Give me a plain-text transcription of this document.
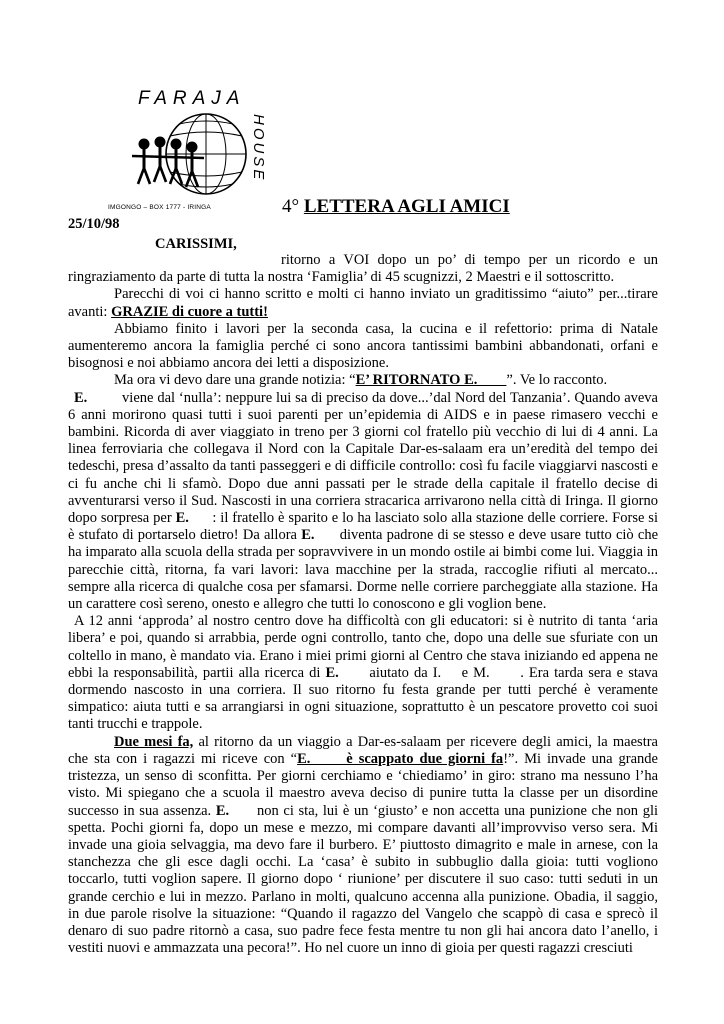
FARAJA
HOUSE
IMGONGO – BOX 1777 - IRINGA	4° LETTERA AGLI AMICI
25/10/98
CARISSIMI,

ritorno a VOI dopo un po’ di tempo per un ricordo e un ringraziamento da parte di tutta la nostra ‘Famiglia’ di 45 scugnizzi, 2 Maestri e il sottoscritto.

Parecchi di voi ci hanno scritto e molti ci hanno inviato un graditissimo “aiuto” per...tirare avanti: GRAZIE di cuore a tutti!

Abbiamo finito i lavori per la seconda casa, la cucina e il refettorio: prima di Natale aumenteremo ancora la famiglia perché ci sono ancora tantissimi bambini abbandonati, orfani e bisognosi e noi abbiamo ancora dei letti a disposizione.

Ma ora vi devo dare una grande notizia: “E’ RITORNATO E.        ”. Ve lo racconto.

E.         viene dal ‘nulla’: neppure lui sa di preciso da dove...’dal Nord del Tanzania’. Quando aveva 6 anni morirono quasi tutti i suoi parenti per un’epidemia di AIDS e in paese rimasero vecchi e bambini. Ricorda di aver viaggiato in treno per 3 giorni col fratello più vecchio di lui di 4 anni. La linea ferroviaria che collegava il Nord con la Capitale Dar-es-salaam era un’eredità del tempo dei tedeschi, presa d’assalto da tanti passeggeri e di difficile controllo: così fu facile viaggiarvi nascosti e ci fu anche chi li sfamò. Dopo due anni passati per le strade della capitale il fratello decise di avventurarsi verso il Sud. Nascosti in una corriera stracarica arrivarono nella città di Iringa. Il giorno dopo sorpresa per E.      : il fratello è sparito e lo ha lasciato solo alla stazione delle corriere. Forse si è stufato di portarselo dietro! Da allora E.      diventa padrone di se stesso e deve usare tutto ciò che ha imparato alla scuola della strada per sopravvivere in un mondo ostile ai bimbi come lui. Viaggia in parecchie città, ritorna, fa vari lavori: lava macchine per la strada, raccoglie rifiuti al mercato... sempre alla ricerca di qualche cosa per sfamarsi. Dorme nelle corriere parcheggiate alla stazione. Ha un carattere così sereno, onesto e allegro che tutti lo conoscono e gli voglion bene.

A 12 anni ‘approda’ al nostro centro dove ha difficoltà con gli educatori: si è nutrito di tanta ‘aria libera’ e poi, quando si arrabbia, perde ogni controllo, tanto che, dopo una delle sue sfuriate con un coltello in mano, è mandato via. Erano i miei primi giorni al Centro che stava iniziando ed appena ne ebbi la responsabilità, partii alla ricerca di E.      aiutato da I.    e M.      . Era tarda sera e stava dormendo nascosto in una corriera. Il suo ritorno fu festa grande per tutti perché è veramente simpatico: aiuta tutti e sa arrangiarsi in ogni situazione, soprattutto è un pescatore provetto coi suoi tanti trucchi e trappole.

Due mesi fa, al ritorno da un viaggio a Dar-es-salaam per ricevere degli amici, la maestra che sta con i ragazzi mi riceve con “E.      è scappato due giorni fa!”. Mi invade una grande tristezza, un senso di sconfitta. Per giorni cerchiamo e ‘chiediamo’ in giro: strano ma nessuno l’ha visto. Mi spiegano che a scuola il maestro aveva deciso di punire tutta la classe per un disordine successo in sua assenza. E.      non ci sta, lui è un ‘giusto’ e non accetta una punizione che non gli spetta. Pochi giorni fa, dopo un mese e mezzo, mi compare davanti all’improvviso verso sera. Mi invade una gioia selvaggia, ma devo fare il burbero. E’ piuttosto dimagrito e male in arnese, con la stanchezza che gli esce dagli occhi. La ‘casa’ è subito in subbuglio dalla gioia: tutti vogliono toccarlo, tutti voglion sapere. Il giorno dopo ‘ riunione’ per discutere il suo caso: tutti seduti in un grande cerchio e lui in mezzo. Parlano in molti, qualcuno accenna alla punizione. Obadia, il saggio, in due parole risolve la situazione: “Quando il ragazzo del Vangelo che scappò di casa e sprecò il denaro di suo padre ritornò a casa, suo padre fece festa mentre tu non gli hai ancora dato l’anello, i vestiti nuovi e ammazzata una pecora!”. Ho nel cuore un inno di gioia per questi ragazzi cresciuti
